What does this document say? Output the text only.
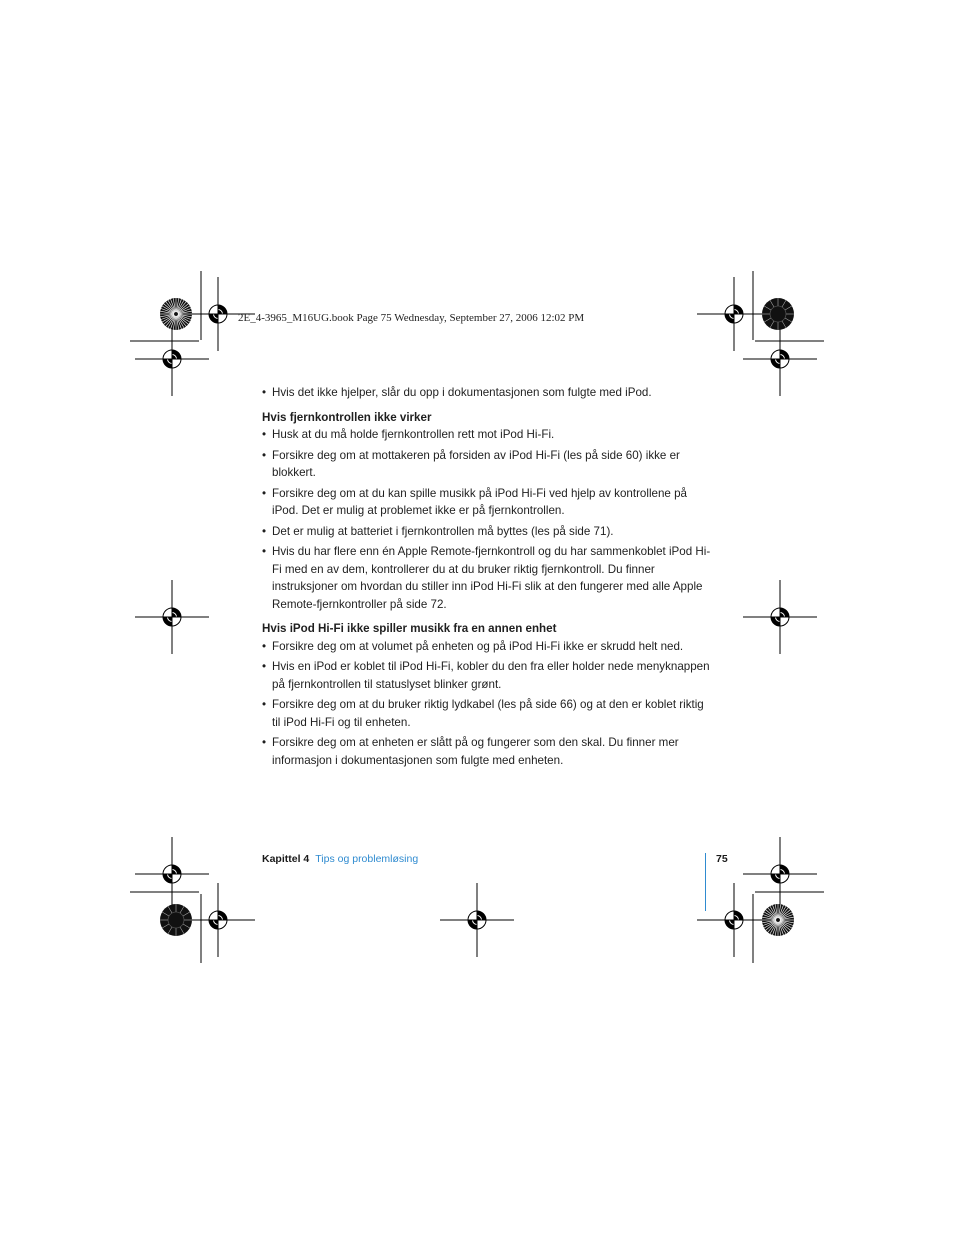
2E_4-3965_M16UG.book Page 75 Wednesday, September 27, 2006 12:02 PM

• Hvis det ikke hjelper, slår du opp i dokumentasjonen som fulgte med iPod.

Hvis fjernkontrollen ikke virker

• Husk at du må holde fjernkontrollen rett mot iPod Hi-Fi.

• Forsikre deg om at mottakeren på forsiden av iPod Hi-Fi (les på side 60) ikke er blokkert.

• Forsikre deg om at du kan spille musikk på iPod Hi-Fi ved hjelp av kontrollene på iPod. Det er mulig at problemet ikke er på fjernkontrollen.

• Det er mulig at batteriet i fjernkontrollen må byttes (les på side 71).

• Hvis du har flere enn én Apple Remote-fjernkontroll og du har sammenkoblet iPod Hi-Fi med en av dem, kontrollerer du at du bruker riktig fjernkontroll. Du finner instruksjoner om hvordan du stiller inn iPod Hi-Fi slik at den fungerer med alle Apple Remote-fjernkontroller på side 72.

Hvis iPod Hi-Fi ikke spiller musikk fra en annen enhet

• Forsikre deg om at volumet på enheten og på iPod Hi-Fi ikke er skrudd helt ned.

• Hvis en iPod er koblet til iPod Hi-Fi, kobler du den fra eller holder nede menyknappen på fjernkontrollen til statuslyset blinker grønt.

• Forsikre deg om at du bruker riktig lydkabel (les på side 66) og at den er koblet riktig til iPod Hi-Fi og til enheten.

• Forsikre deg om at enheten er slått på og fungerer som den skal. Du finner mer informasjon i dokumentasjonen som fulgte med enheten.

Kapittel 4 Tips og problemløsing	75
